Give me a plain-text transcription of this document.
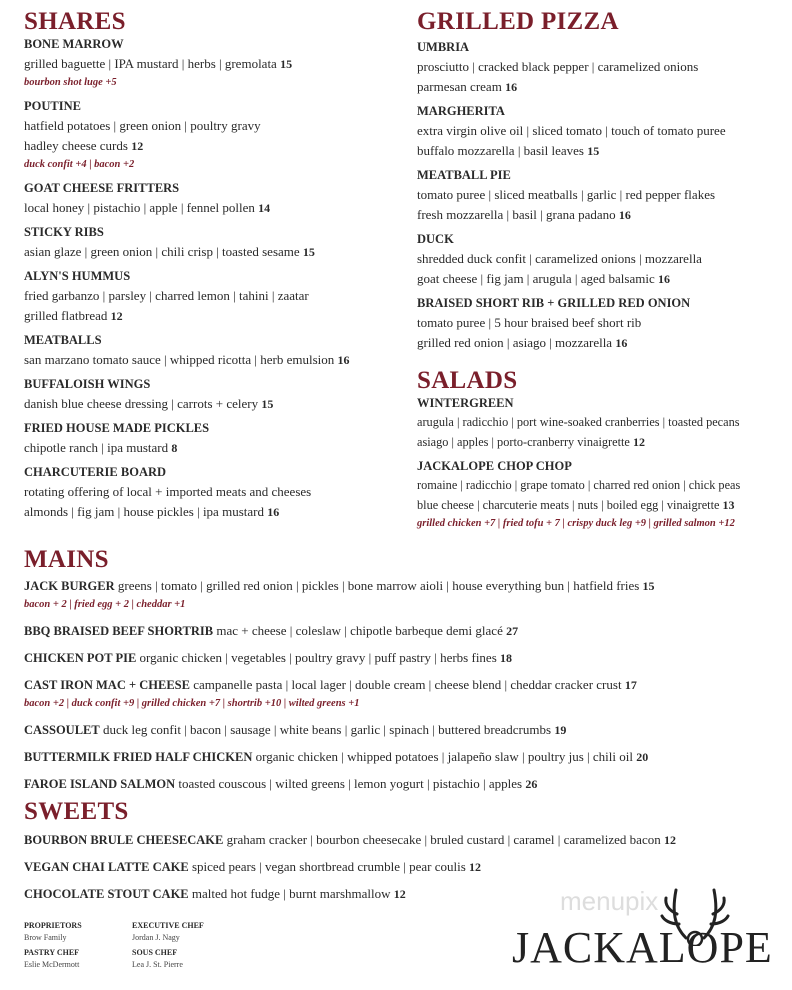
SHARES
BONE MARROW
grilled baguette | IPA mustard | herbs | gremolata 15
bourbon shot luge +5
POUTINE
hatfield potatoes | green onion | poultry gravy
hadley cheese curds 12
duck confit +4 | bacon +2
GOAT CHEESE FRITTERS
local honey | pistachio | apple | fennel pollen 14
STICKY RIBS
asian glaze | green onion | chili crisp | toasted sesame 15
ALYN'S HUMMUS
fried garbanzo | parsley | charred lemon | tahini | zaatar
grilled flatbread 12
MEATBALLS
san marzano tomato sauce | whipped ricotta | herb emulsion 16
BUFFALOISH WINGS
danish blue cheese dressing | carrots + celery 15
FRIED HOUSE MADE PICKLES
chipotle ranch | ipa mustard 8
CHARCUTERIE BOARD
rotating offering of local + imported meats and cheeses
almonds | fig jam | house pickles | ipa mustard 16
GRILLED PIZZA
UMBRIA
prosciutto | cracked black pepper | caramelized onions
parmesan cream 16
MARGHERITA
extra virgin olive oil | sliced tomato | touch of tomato puree
buffalo mozzarella | basil leaves 15
MEATBALL PIE
tomato puree | sliced meatballs | garlic | red pepper flakes
fresh mozzarella | basil | grana padano 16
DUCK
shredded duck confit | caramelized onions | mozzarella
goat cheese | fig jam | arugula | aged balsamic 16
BRAISED SHORT RIB + GRILLED RED ONION
tomato puree | 5 hour braised beef short rib
grilled red onion | asiago | mozzarella 16
SALADS
WINTERGREEN
arugula | radicchio | port wine-soaked cranberries | toasted pecans
asiago | apples | porto-cranberry vinaigrette 12
JACKALOPE CHOP CHOP
romaine | radicchio | grape tomato | charred red onion | chick peas
blue cheese | charcuterie meats | nuts | boiled egg | vinaigrette 13
grilled chicken +7 | fried tofu + 7 | crispy duck leg +9 | grilled salmon +12
MAINS
JACK BURGER greens | tomato | grilled red onion | pickles | bone marrow aioli | house everything bun | hatfield fries 15
bacon + 2 | fried egg + 2 | cheddar +1
BBQ BRAISED BEEF SHORTRIB mac + cheese | coleslaw | chipotle barbeque demi glacé 27
CHICKEN POT PIE organic chicken | vegetables | poultry gravy | puff pastry | herbs fines 18
CAST IRON MAC + CHEESE campanelle pasta | local lager | double cream | cheese blend | cheddar cracker crust 17
bacon +2 | duck confit +9 | grilled chicken +7 | shortrib +10 | wilted greens +1
CASSOULET duck leg confit | bacon | sausage | white beans | garlic | spinach | buttered breadcrumbs 19
BUTTERMILK FRIED HALF CHICKEN organic chicken | whipped potatoes | jalapeño slaw | poultry jus | chili oil 20
FAROE ISLAND SALMON toasted couscous | wilted greens | lemon yogurt | pistachio | apples 26
SWEETS
BOURBON BRULE CHEESECAKE graham cracker | bourbon cheesecake | bruled custard | caramel | caramelized bacon 12
VEGAN CHAI LATTE CAKE spiced pears | vegan shortbread crumble | pear coulis 12
CHOCOLATE STOUT CAKE malted hot fudge | burnt marshmallow 12
PROPRIETORS
Brow Family
PASTRY CHEF
Eslie McDermott
EXECUTIVE CHEF
Jordan J. Nagy
SOUS CHEF
Lea J. St. Pierre
menupix
JACKALOPE
